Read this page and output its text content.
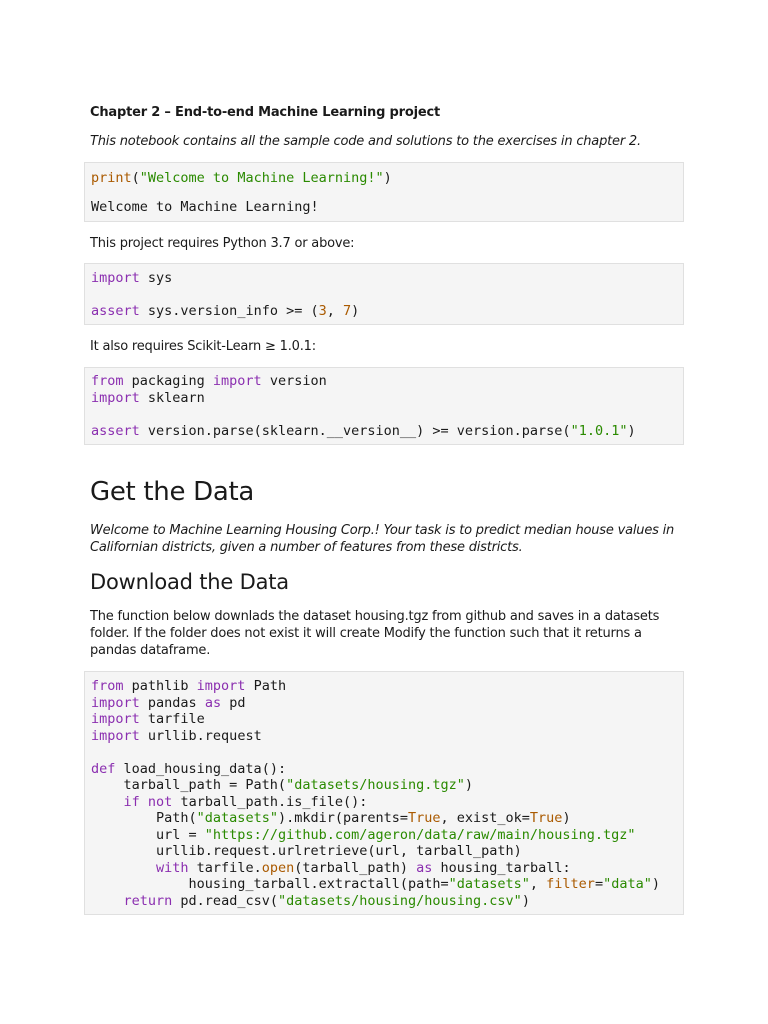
Chapter 2 – End-to-end Machine Learning project
This notebook contains all the sample code and solutions to the exercises in chapter 2.
print("Welcome to Machine Learning!")
Welcome to Machine Learning!
This project requires Python 3.7 or above:
import sys

assert sys.version_info >= (3, 7)
It also requires Scikit-Learn ≥ 1.0.1:
from packaging import version
import sklearn

assert version.parse(sklearn.__version__) >= version.parse("1.0.1")
Get the Data
Welcome to Machine Learning Housing Corp.! Your task is to predict median house values in Californian districts, given a number of features from these districts.
Download the Data
The function below downlads the dataset housing.tgz from github and saves in a datasets folder. If the folder does not exist it will create Modify the function such that it returns a pandas dataframe.
from pathlib import Path
import pandas as pd
import tarfile
import urllib.request

def load_housing_data():
tarball_path = Path("datasets/housing.tgz")
if not tarball_path.is_file():
Path("datasets").mkdir(parents=True, exist_ok=True)
url = "https://github.com/ageron/data/raw/main/housing.tgz"
urllib.request.urlretrieve(url, tarball_path)
with tarfile.open(tarball_path) as housing_tarball:
housing_tarball.extractall(path="datasets", filter="data")
return pd.read_csv("datasets/housing/housing.csv")
